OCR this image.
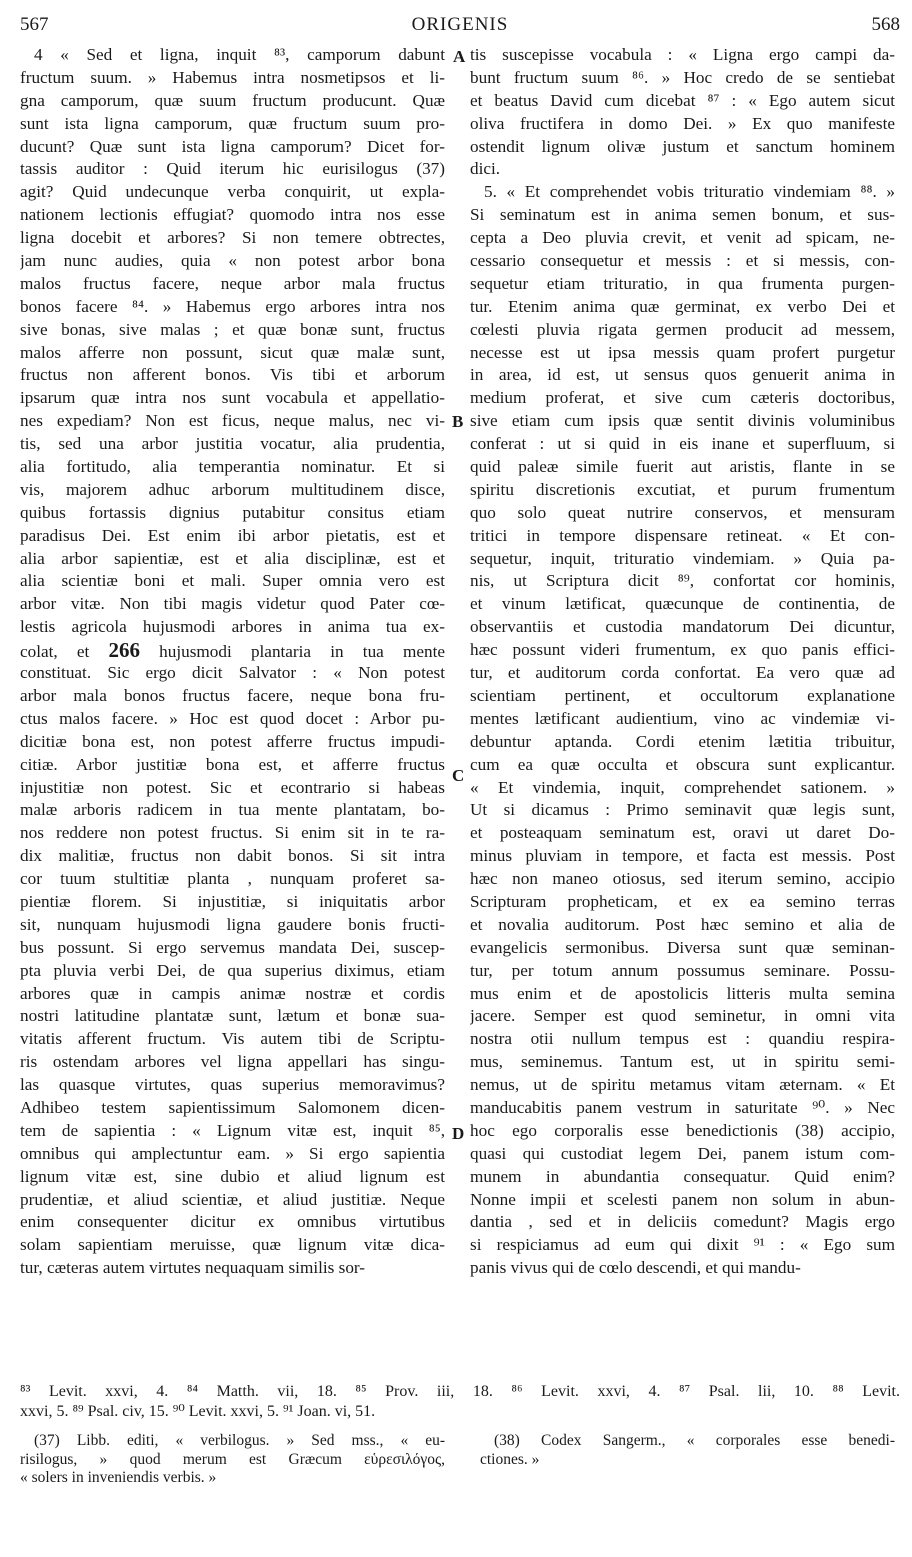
567	ORIGENIS	568
4 « Sed et ligna, inquit ⁸³, camporum dabunt
fructum suum. » Habemus intra nosmetipsos et li-
gna camporum, quæ suum fructum producunt. Quæ
sunt ista ligna camporum, quæ fructum suum pro-
ducunt? Quæ sunt ista ligna camporum? Dicet for-
tassis auditor : Quid iterum hic eurisilogus (37)
agit? Quid undecunque verba conquirit, ut expla-
nationem lectionis effugiat? quomodo intra nos esse
ligna docebit et arbores? Si non temere obtrectes,
jam nunc audies, quia « non potest arbor bona
malos fructus facere, neque arbor mala fructus
bonos facere ⁸⁴. » Habemus ergo arbores intra nos
sive bonas, sive malas ; et quæ bonæ sunt, fructus
malos afferre non possunt, sicut quæ malæ sunt,
fructus non afferent bonos. Vis tibi et arborum
ipsarum quæ intra nos sunt vocabula et appellatio-
nes expediam? Non est ficus, neque malus, nec vi-
tis, sed una arbor justitia vocatur, alia prudentia,
alia fortitudo, alia temperantia nominatur. Et si
vis, majorem adhuc arborum multitudinem disce,
quibus fortassis dignius putabitur consitus etiam
paradisus Dei. Est enim ibi arbor pietatis, est et
alia arbor sapientiæ, est et alia disciplinæ, est et
alia scientiæ boni et mali. Super omnia vero est
arbor vitæ. Non tibi magis videtur quod Pater cœ-
lestis agricola hujusmodi arbores in anima tua ex-
colat, et 266 hujusmodi plantaria in tua mente
constituat. Sic ergo dicit Salvator : « Non potest
arbor mala bonos fructus facere, neque bona fru-
ctus malos facere. » Hoc est quod docet : Arbor pu-
dicitiæ bona est, non potest afferre fructus impudi-
citiæ. Arbor justitiæ bona est, et afferre fructus
injustitiæ non potest. Sic et econtrario si habeas
malæ arboris radicem in tua mente plantatam, bo-
nos reddere non potest fructus. Si enim sit in te ra-
dix malitiæ, fructus non dabit bonos. Si sit intra
cor tuum stultitiæ planta , nunquam proferet sa-
pientiæ florem. Si injustitiæ, si iniquitatis arbor
sit, nunquam hujusmodi ligna gaudere bonis fructi-
bus possunt. Si ergo servemus mandata Dei, suscep-
pta pluvia verbi Dei, de qua superius diximus, etiam
arbores quæ in campis animæ nostræ et cordis
nostri latitudine plantatæ sunt, lætum et bonæ sua-
vitatis afferent fructum. Vis autem tibi de Scriptu-
ris ostendam arbores vel ligna appellari has singu-
las quasque virtutes, quas superius memoravimus?
Adhibeo testem sapientissimum Salomonem dicen-
tem de sapientia : « Lignum vitæ est, inquit ⁸⁵,
omnibus qui amplectuntur eam. » Si ergo sapientia
lignum vitæ est, sine dubio et aliud lignum est
prudentiæ, et aliud scientiæ, et aliud justitiæ. Neque
enim consequenter dicitur ex omnibus virtutibus
solam sapientiam meruisse, quæ lignum vitæ dica-
tur, cæteras autem virtutes nequaquam similis sor-
tis suscepisse vocabula : « Ligna ergo campi da-
bunt fructum suum ⁸⁶. » Hoc credo de se sentiebat
et beatus David cum dicebat ⁸⁷ : « Ego autem sicut
oliva fructifera in domo Dei. » Ex quo manifeste
ostendit lignum olivæ justum et sanctum hominem
dici.
5. « Et comprehendet vobis trituratio vindemiam ⁸⁸. »
Si seminatum est in anima semen bonum, et sus-
cepta a Deo pluvia crevit, et venit ad spicam, ne-
cessario consequetur et messis : et si messis, con-
sequetur etiam trituratio, in qua frumenta purgen-
tur. Etenim anima quæ germinat, ex verbo Dei et
cœlesti pluvia rigata germen producit ad messem,
necesse est ut ipsa messis quam profert purgetur
in area, id est, ut sensus quos genuerit anima in
medium proferat, et sive cum cæteris doctoribus,
sive etiam cum ipsis quæ sentit divinis voluminibus
conferat : ut si quid in eis inane et superfluum, si
quid paleæ simile fuerit aut aristis, flante in se
spiritu discretionis excutiat, et purum frumentum
quo solo queat nutrire conservos, et mensuram
tritici in tempore dispensare retineat. « Et con-
sequetur, inquit, trituratio vindemiam. » Quia pa-
nis, ut Scriptura dicit ⁸⁹, confortat cor hominis,
et vinum lætificat, quæcunque de continentia, de
observantiis et custodia mandatorum Dei dicuntur,
hæc possunt videri frumentum, ex quo panis effici-
tur, et auditorum corda confortat. Ea vero quæ ad
scientiam pertinent, et occultorum explanatione
mentes lætificant audientium, vino ac vindemiæ vi-
debuntur aptanda. Cordi etenim lætitia tribuitur,
cum ea quæ occulta et obscura sunt explicantur.
« Et vindemia, inquit, comprehendet sationem. »
Ut si dicamus : Primo seminavit quæ legis sunt,
et posteaquam seminatum est, oravi ut daret Do-
minus pluviam in tempore, et facta est messis. Post
hæc non maneo otiosus, sed iterum semino, accipio
Scripturam propheticam, et ex ea semino terras
et novalia auditorum. Post hæc semino et alia de
evangelicis sermonibus. Diversa sunt quæ seminan-
tur, per totum annum possumus seminare. Possu-
mus enim et de apostolicis litteris multa semina
jacere. Semper est quod seminetur, in omni vita
nostra otii nullum tempus est : quandiu respira-
mus, seminemus. Tantum est, ut in spiritu semi-
nemus, ut de spiritu metamus vitam æternam. « Et
manducabitis panem vestrum in saturitate ⁹⁰. » Nec
hoc ego corporalis esse benedictionis (38) accipio,
quasi qui custodiat legem Dei, panem istum com-
munem in abundantia consequatur. Quid enim?
Nonne impii et scelesti panem non solum in abun-
dantia , sed et in deliciis comedunt? Magis ergo
si respiciamus ad eum qui dixit ⁹¹ : « Ego sum
panis vivus qui de cœlo descendi, et qui mandu-
A
B
C
D
⁸³ Levit. xxvi, 4. ⁸⁴ Matth. vii, 18. ⁸⁵ Prov. iii, 18. ⁸⁶ Levit. xxvi, 4. ⁸⁷ Psal. lii, 10. ⁸⁸ Levit.
xxvi, 5. ⁸⁹ Psal. civ, 15. ⁹⁰ Levit. xxvi, 5. ⁹¹ Joan. vi, 51.
(37) Libb. editi, « verbilogus. » Sed mss., « eu-
risilogus, » quod merum est Græcum εὑρεσιλόγος,
« solers in inveniendis verbis. »
(38) Codex Sangerm., « corporales esse benedi-
ctiones. »
